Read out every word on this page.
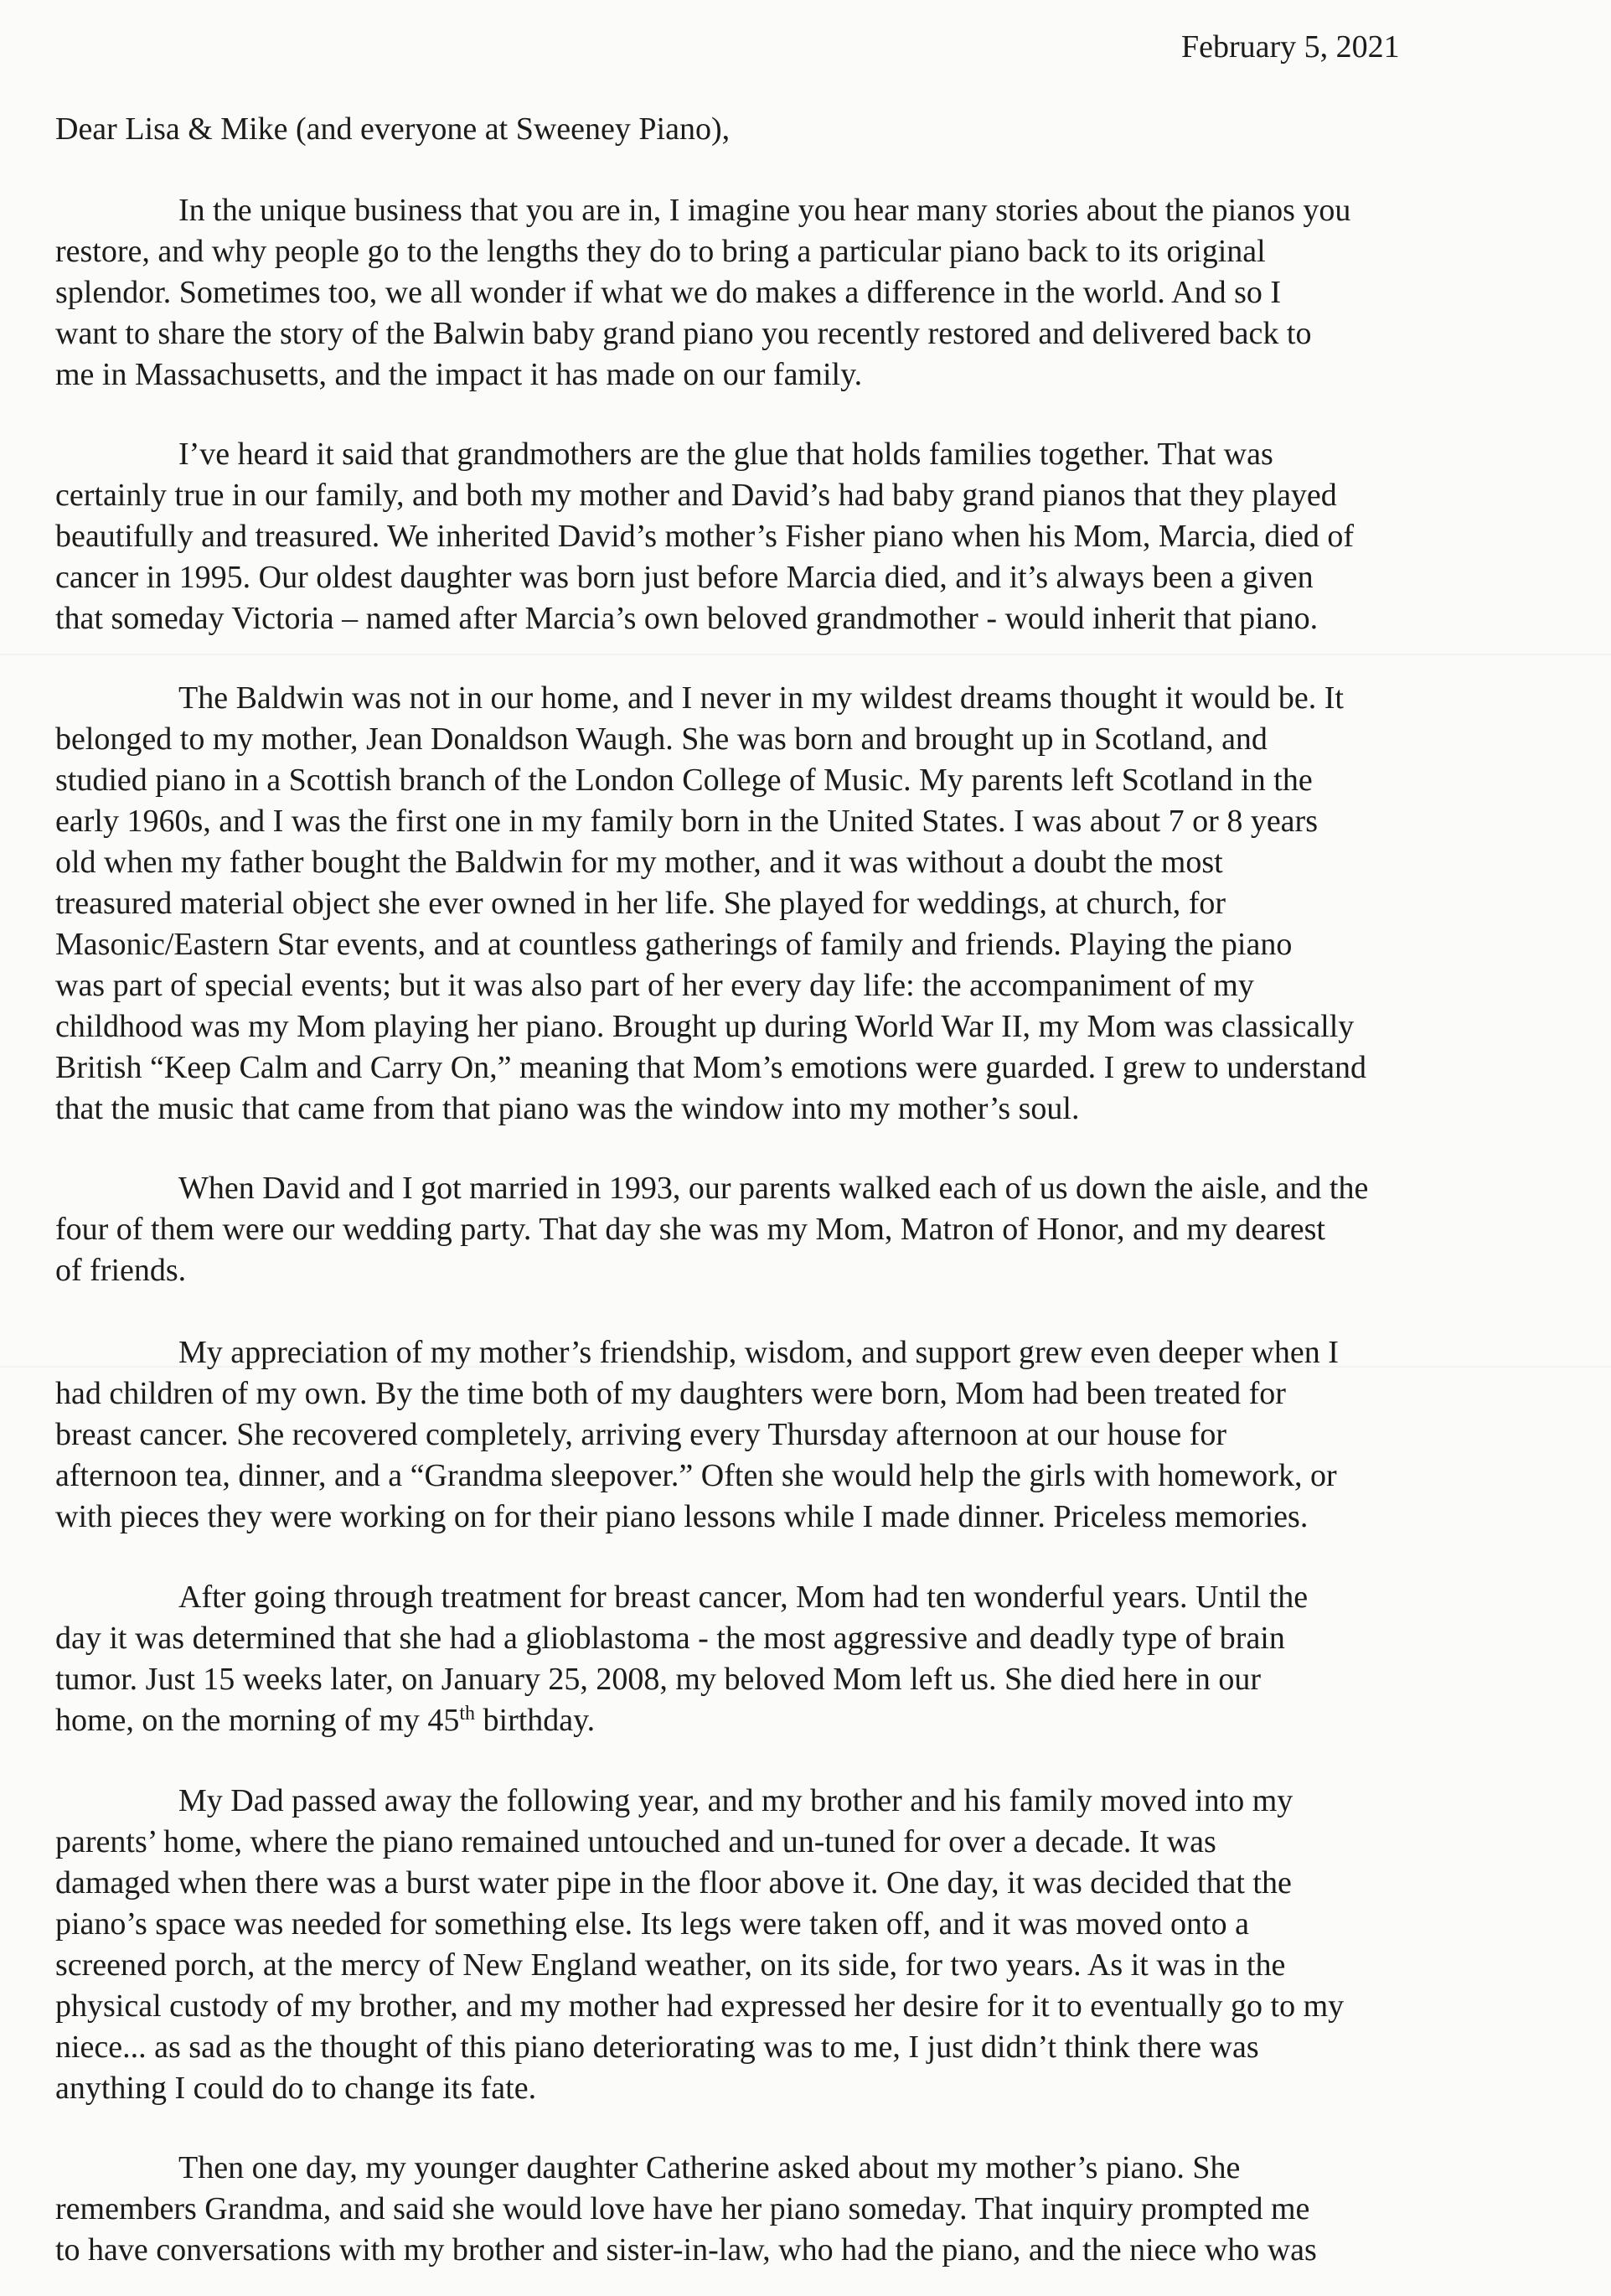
February 5, 2021
Dear Lisa & Mike (and everyone at Sweeney Piano),
In the unique business that you are in, I imagine you hear many stories about the pianos you
restore, and why people go to the lengths they do to bring a particular piano back to its original
splendor. Sometimes too, we all wonder if what we do makes a difference in the world. And so I
want to share the story of the Balwin baby grand piano you recently restored and delivered back to
me in Massachusetts, and the impact it has made on our family.
I’ve heard it said that grandmothers are the glue that holds families together. That was
certainly true in our family, and both my mother and David’s had baby grand pianos that they played
beautifully and treasured. We inherited David’s mother’s Fisher piano when his Mom, Marcia, died of
cancer in 1995. Our oldest daughter was born just before Marcia died, and it’s always been a given
that someday Victoria – named after Marcia’s own beloved grandmother - would inherit that piano.
The Baldwin was not in our home, and I never in my wildest dreams thought it would be. It
belonged to my mother, Jean Donaldson Waugh. She was born and brought up in Scotland, and
studied piano in a Scottish branch of the London College of Music. My parents left Scotland in the
early 1960s, and I was the first one in my family born in the United States. I was about 7 or 8 years
old when my father bought the Baldwin for my mother, and it was without a doubt the most
treasured material object she ever owned in her life. She played for weddings, at church, for
Masonic/Eastern Star events, and at countless gatherings of family and friends. Playing the piano
was part of special events; but it was also part of her every day life: the accompaniment of my
childhood was my Mom playing her piano. Brought up during World War II, my Mom was classically
British “Keep Calm and Carry On,” meaning that Mom’s emotions were guarded. I grew to understand
that the music that came from that piano was the window into my mother’s soul.
When David and I got married in 1993, our parents walked each of us down the aisle, and the
four of them were our wedding party. That day she was my Mom, Matron of Honor, and my dearest
of friends.
My appreciation of my mother’s friendship, wisdom, and support grew even deeper when I
had children of my own. By the time both of my daughters were born, Mom had been treated for
breast cancer. She recovered completely, arriving every Thursday afternoon at our house for
afternoon tea, dinner, and a “Grandma sleepover.” Often she would help the girls with homework, or
with pieces they were working on for their piano lessons while I made dinner. Priceless memories.
After going through treatment for breast cancer, Mom had ten wonderful years. Until the
day it was determined that she had a glioblastoma - the most aggressive and deadly type of brain
tumor. Just 15 weeks later, on January 25, 2008, my beloved Mom left us. She died here in our
home, on the morning of my 45th birthday.
My Dad passed away the following year, and my brother and his family moved into my
parents’ home, where the piano remained untouched and un-tuned for over a decade. It was
damaged when there was a burst water pipe in the floor above it. One day, it was decided that the
piano’s space was needed for something else. Its legs were taken off, and it was moved onto a
screened porch, at the mercy of New England weather, on its side, for two years. As it was in the
physical custody of my brother, and my mother had expressed her desire for it to eventually go to my
niece... as sad as the thought of this piano deteriorating was to me, I just didn’t think there was
anything I could do to change its fate.
Then one day, my younger daughter Catherine asked about my mother’s piano. She
remembers Grandma, and said she would love have her piano someday. That inquiry prompted me
to have conversations with my brother and sister-in-law, who had the piano, and the niece who was
